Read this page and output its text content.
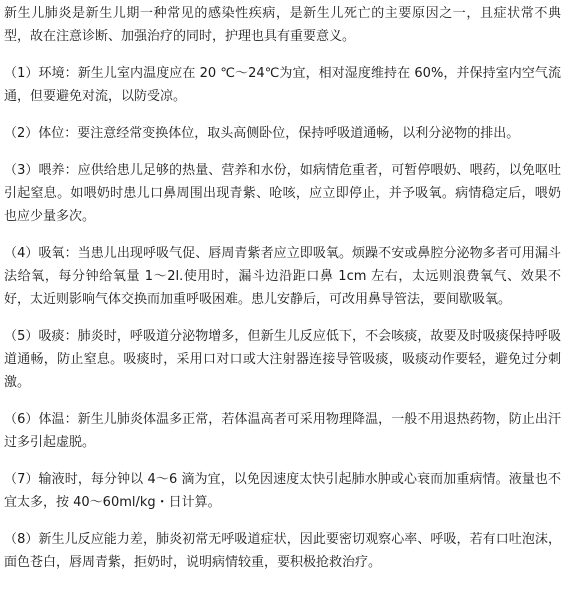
新生儿肺炎是新生儿期一种常见的感染性疾病，是新生儿死亡的主要原因之一，且症状常不典型，故在注意诊断、加强治疗的同时，护理也具有重要意义。

（1）环境：新生儿室内温度应在 20 ℃～24℃为宜，相对湿度维持在 60%，并保持室内空气流通，但要避免对流，以防受凉。

（2）体位：要注意经常变换体位，取头高侧卧位，保持呼吸道通畅，以利分泌物的排出。

（3）喂养：应供给患儿足够的热量、营养和水份，如病情危重者，可暂停喂奶、喂药，以免呕吐引起窒息。如喂奶时患儿口鼻周围出现青紫、呛咳，应立即停止，并予吸氧。病情稳定后，喂奶也应少量多次。

（4）吸氧：当患儿出现呼吸气促、唇周青紫者应立即吸氧。烦躁不安或鼻腔分泌物多者可用漏斗法给氧，每分钟给氧量 1～2l.使用时，漏斗边沿距口鼻 1cm 左右，太远则浪费氧气、效果不好，太近则影响气体交换而加重呼吸困难。患儿安静后，可改用鼻导管法，要间歇吸氧。

（5）吸痰：肺炎时，呼吸道分泌物增多，但新生儿反应低下，不会咳痰，故要及时吸痰保持呼吸道通畅，防止窒息。吸痰时，采用口对口或大注射器连接导管吸痰，吸痰动作要轻，避免过分刺激。

（6）体温：新生儿肺炎体温多正常，若体温高者可采用物理降温，一般不用退热药物，防止出汗过多引起虚脱。

（7）输液时，每分钟以 4～6 滴为宜，以免因速度太快引起肺水肿或心衰而加重病情。液量也不宜太多，按 40～60ml/kg・日计算。

（8）新生儿反应能力差，肺炎初常无呼吸道症状，因此要密切观察心率、呼吸，若有口吐泡沫，面色苍白，唇周青紫，拒奶时，说明病情较重，要积极抢救治疗。
